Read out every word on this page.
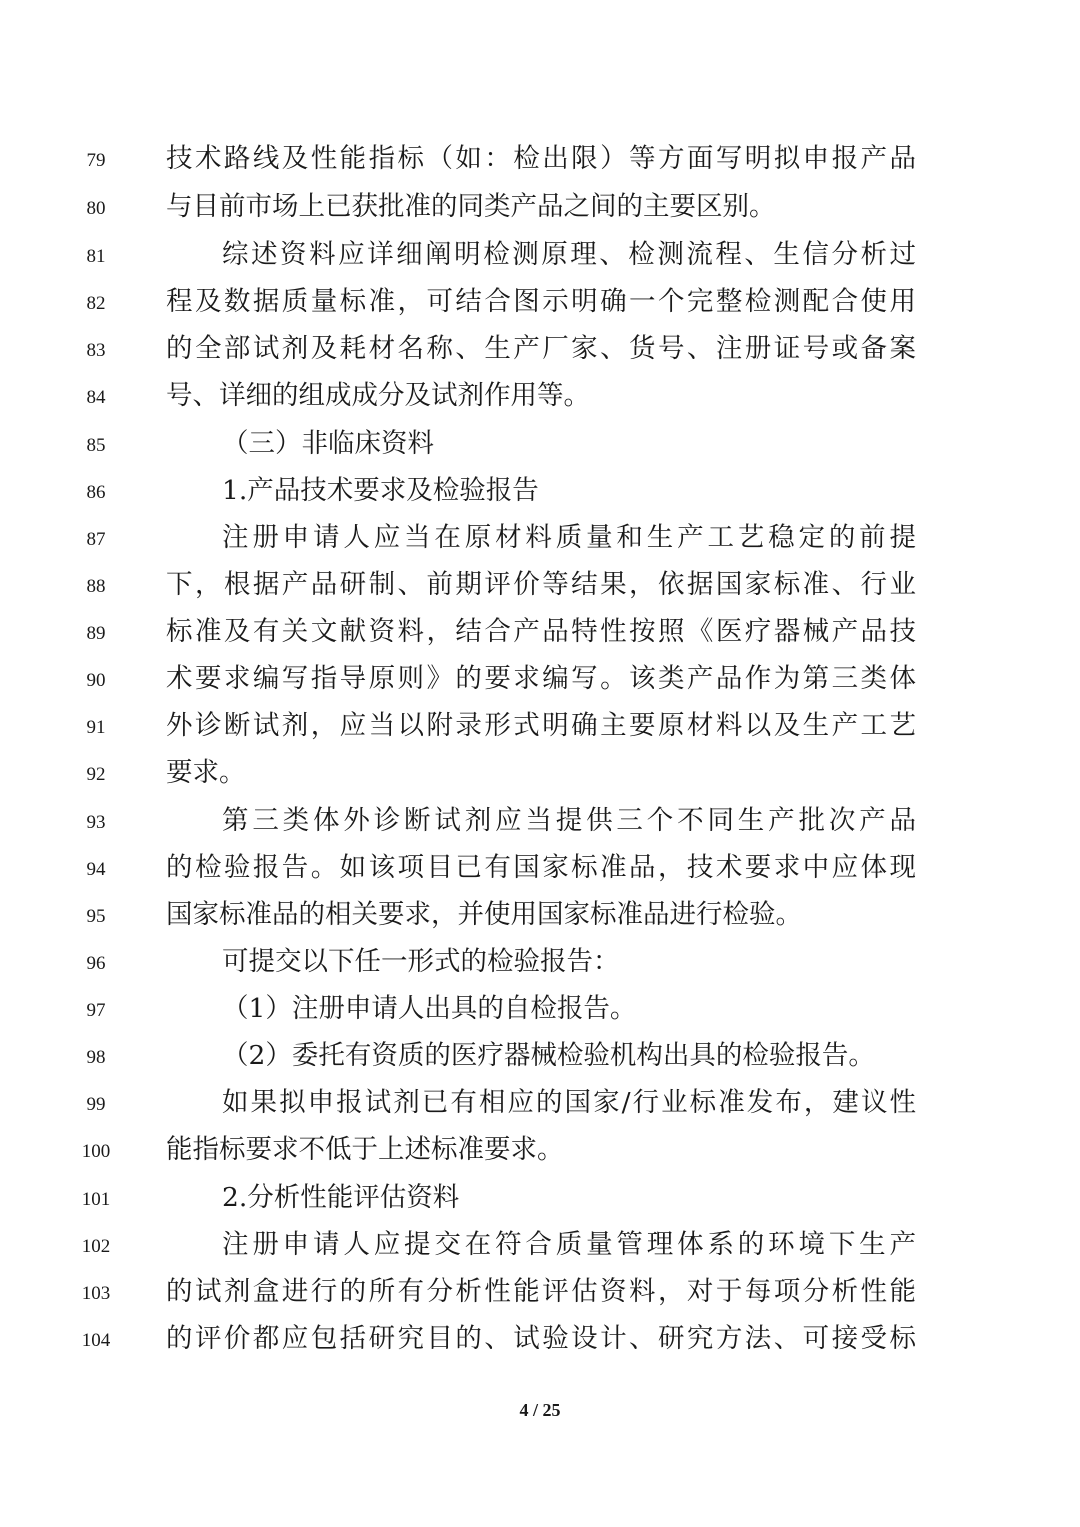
79	技术路线及性能指标（如：检出限）等方面写明拟申报产品
80	与目前市场上已获批准的同类产品之间的主要区别。
81	综述资料应详细阐明检测原理、检测流程、生信分析过
82	程及数据质量标准，可结合图示明确一个完整检测配合使用
83	的全部试剂及耗材名称、生产厂家、货号、注册证号或备案
84	号、详细的组成成分及试剂作用等。
85	（三）非临床资料
86	1.产品技术要求及检验报告
87	注册申请人应当在原材料质量和生产工艺稳定的前提
88	下，根据产品研制、前期评价等结果，依据国家标准、行业
89	标准及有关文献资料，结合产品特性按照《医疗器械产品技
90	术要求编写指导原则》的要求编写。该类产品作为第三类体
91	外诊断试剂，应当以附录形式明确主要原材料以及生产工艺
92	要求。
93	第三类体外诊断试剂应当提供三个不同生产批次产品
94	的检验报告。如该项目已有国家标准品，技术要求中应体现
95	国家标准品的相关要求，并使用国家标准品进行检验。
96	可提交以下任一形式的检验报告：
97	（1）注册申请人出具的自检报告。
98	（2）委托有资质的医疗器械检验机构出具的检验报告。
99	如果拟申报试剂已有相应的国家/行业标准发布，建议性
100	能指标要求不低于上述标准要求。
101	2.分析性能评估资料
102	注册申请人应提交在符合质量管理体系的环境下生产
103	的试剂盒进行的所有分析性能评估资料，对于每项分析性能
104	的评价都应包括研究目的、试验设计、研究方法、可接受标
4 / 25
